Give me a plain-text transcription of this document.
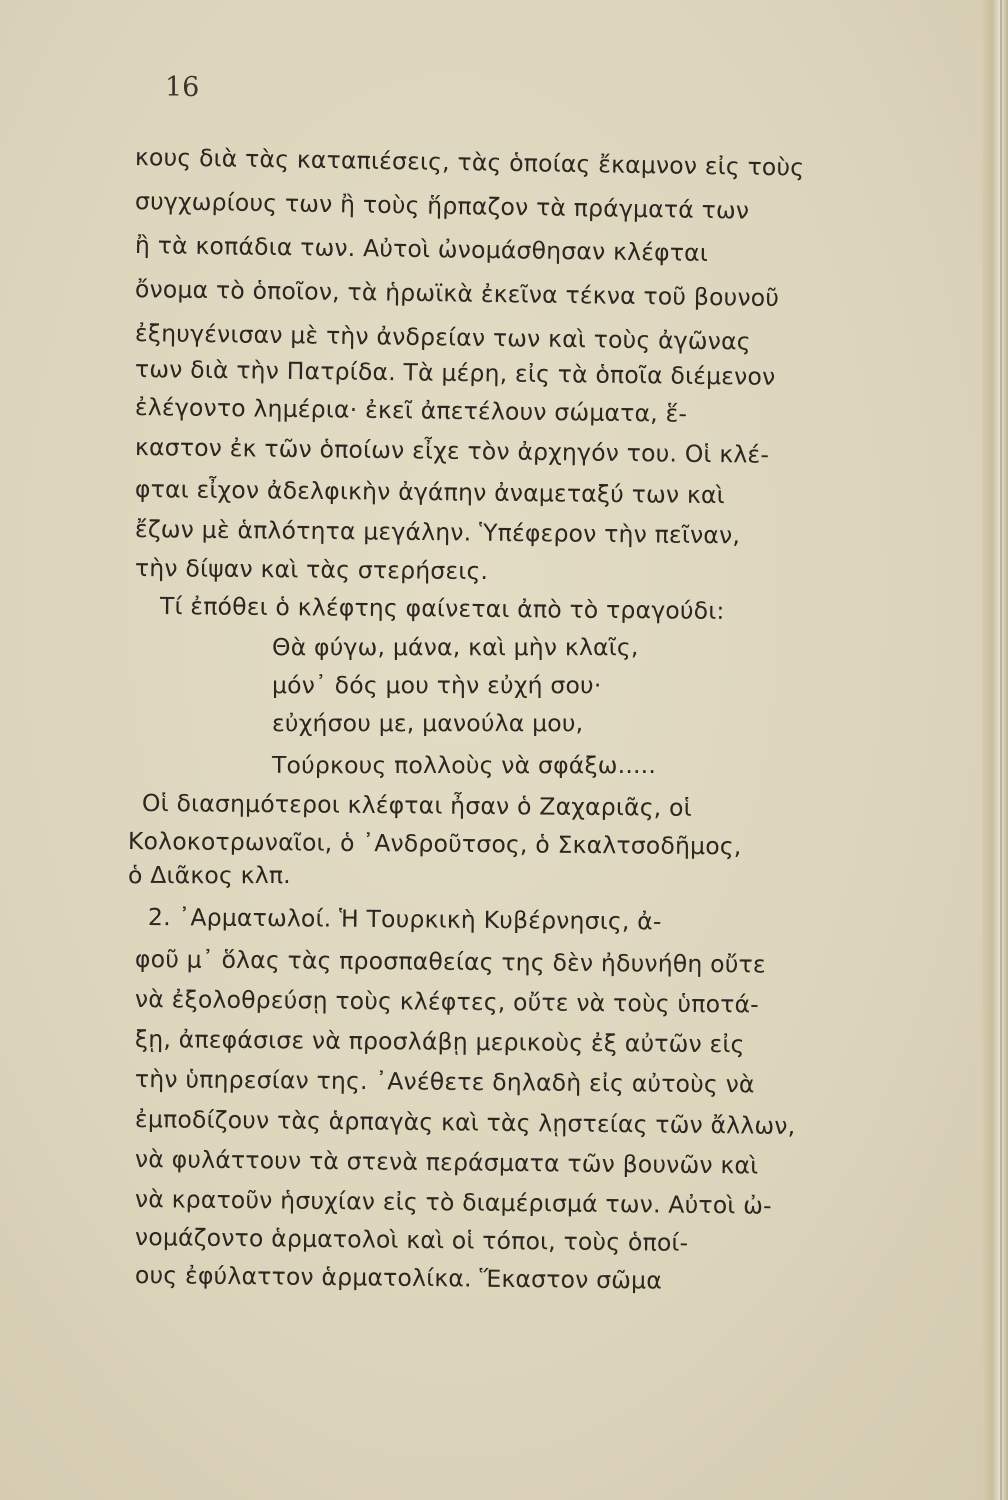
16
κους διὰ τὰς καταπιέσεις, τὰς ὁποίας ἔκαμνον εἰς τοὺς
συγχωρίους των ἢ τοὺς ἥρπαζον τὰ πράγματά των
ἢ τὰ κοπάδια των. Αὐτοὶ ὠνομάσθησαν κλέφται
ὄνομα τὸ ὁποῖον, τὰ ἡρωϊκὰ ἐκεῖνα τέκνα τοῦ βουνοῦ
ἐξηυγένισαν μὲ τὴν ἀνδρείαν των καὶ τοὺς ἀγῶνας
των διὰ τὴν Πατρίδα. Τὰ μέρη, εἰς τὰ ὁποῖα διέμενον
ἐλέγοντο λημέρια· ἐκεῖ ἀπετέλουν σώματα, ἕ-
καστον ἐκ τῶν ὁποίων εἶχε τὸν ἀρχηγόν του. Οἱ κλέ-
φται εἶχον ἀδελφικὴν ἀγάπην ἀναμεταξύ των καὶ
ἔζων μὲ ἁπλότητα μεγάλην. Ὑπέφερον τὴν πεῖναν,
τὴν δίψαν καὶ τὰς στερήσεις.
Τί ἐπόθει ὁ κλέφτης φαίνεται ἀπὸ τὸ τραγούδι:
Θὰ φύγω, μάνα, καὶ μὴν κλαῖς,
μόν᾽ δός μου τὴν εὐχή σου·
εὐχήσου με, μανούλα μου,
Τούρκους πολλοὺς νὰ σφάξω.....
Οἱ διασημότεροι κλέφται ἦσαν ὁ Ζαχαριᾶς, οἱ
Κολοκοτρωναῖοι, ὁ ᾽Ανδροῦτσος, ὁ Σκαλτσοδῆμος,
ὁ Διᾶκος κλπ.
2. ᾽Αρματωλοί. Ἡ Τουρκικὴ Κυβέρνησις, ἀ-
φοῦ μ᾽ ὅλας τὰς προσπαθείας της δὲν ἠδυνήθη οὔτε
νὰ ἐξολοθρεύσῃ τοὺς κλέφτες, οὔτε νὰ τοὺς ὑποτά-
ξῃ, ἀπεφάσισε νὰ προσλάβῃ μερικοὺς ἐξ αὐτῶν εἰς
τὴν ὑπηρεσίαν της. ᾽Ανέθετε δηλαδὴ εἰς αὐτοὺς νὰ
ἐμποδίζουν τὰς ἁρπαγὰς καὶ τὰς λῃστείας τῶν ἄλλων,
νὰ φυλάττουν τὰ στενὰ περάσματα τῶν βουνῶν καὶ
νὰ κρατοῦν ἡσυχίαν εἰς τὸ διαμέρισμά των. Αὐτοὶ ὠ-
νομάζοντο ἁρματολοὶ καὶ οἱ τόποι, τοὺς ὁποί-
ους ἐφύλαττον ἁρματολίκα. Ἕκαστον σῶμα
